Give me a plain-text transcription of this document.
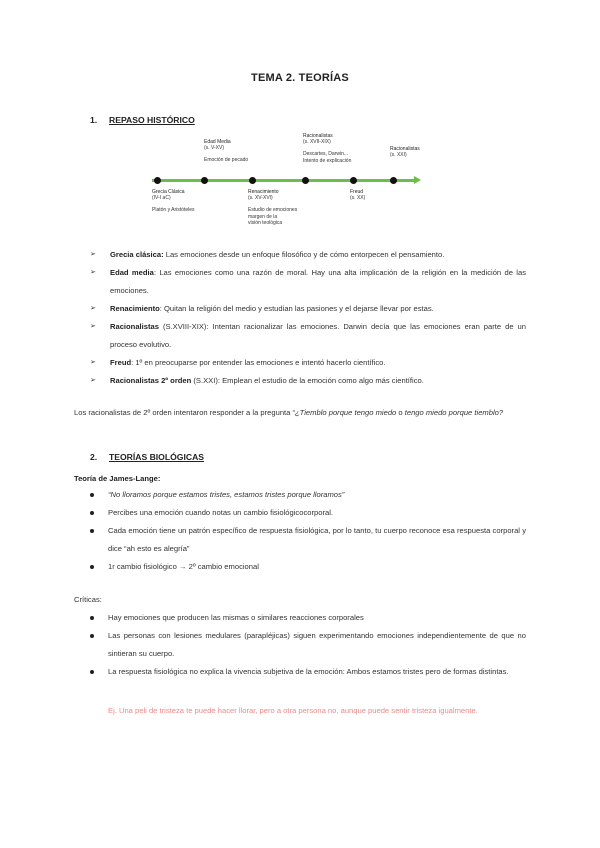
TEMA 2. TEORÍAS
1. REPASO HISTÓRICO
Grecia Clásica
(IV-I aC)
Platón y Aristóteles
Renacimiento
(s. XV-XVI)
Estudio de emociones
margen de la
visión teológica
Freud
(s. XX)
Edad Media
(s. V-XV)
Emoción de pecado
Racionalistas
(s. XVII-XIX)
Descartes, Darwin...
Intento de explicación
Racionalistas
(s. XXI)
➢ Grecia clásica: Las emociones desde un enfoque filosófico y de cómo entorpecen el pensamiento.
➢ Edad media: Las emociones como una razón de moral. Hay una alta implicación de la religión en la medición de las emociones.
➢ Renacimiento: Quitan la religión del medio y estudian las pasiones y el dejarse llevar por estas.
➢ Racionalistas (S.XVIII-XIX): Intentan racionalizar las emociones. Darwin decía que las emociones eran parte de un proceso evolutivo.
➢ Freud: 1º en preocuparse por entender las emociones e intentó hacerlo científico.
➢ Racionalistas 2º orden (S.XXI): Emplean el estudio de la emoción como algo más científico.
Los racionalistas de 2º orden intentaron responder a la pregunta “¿Tiemblo porque tengo miedo o tengo miedo porque tiemblo?
2. TEORÍAS BIOLÓGICAS
Teoría de James-Lange:
“No lloramos porque estamos tristes, estamos tristes porque lloramos”
Percibes una emoción cuando notas un cambio fisiológicocorporal.
Cada emoción tiene un patrón específico de respuesta fisiológica, por lo tanto, tu cuerpo reconoce esa respuesta corporal y dice “ah esto es alegría”
1r cambio fisiológico → 2º cambio emocional
Críticas:
Hay emociones que producen las mismas o similares reacciones corporales
Las personas con lesiones medulares (parapléjicas) siguen experimentando emociones independientemente de que no sintieran su cuerpo.
La respuesta fisiológica no explica la vivencia subjetiva de la emoción: Ambos estamos tristes pero de formas distintas.
Ej. Una peli de tristeza te puede hacer llorar, pero a otra persona no, aunque puede sentir tristeza igualmente.
